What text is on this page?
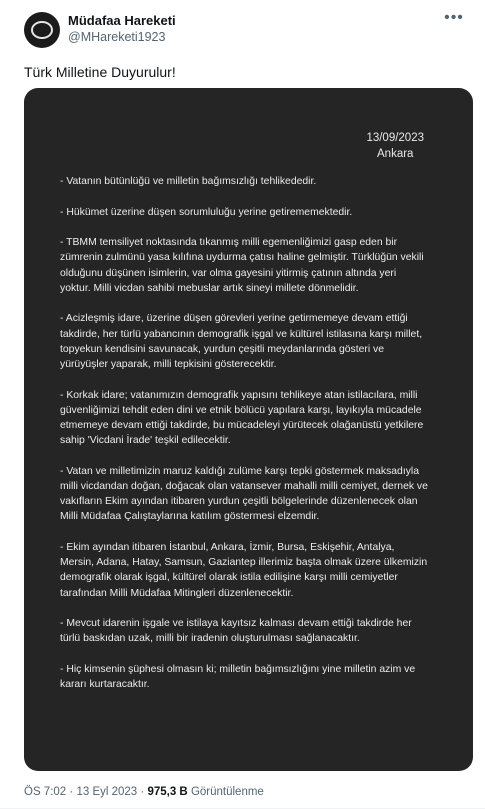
Müdafaa Hareketi
@MHareketi1923
•••
Türk Milletine Duyurulur!
13/09/2023
Ankara

- Vatanın bütünlüğü ve milletin bağımsızlığı tehlikededir.

- Hükümet üzerine düşen sorumluluğu yerine getirememektedir.

- TBMM temsiliyet noktasında tıkanmış milli egemenliğimizi gasp eden bir zümrenin zulmünü yasa kılıfına uydurma çatısı haline gelmiştir. Türklüğün vekili olduğunu düşünen isimlerin, var olma gayesini yitirmiş çatının altında yeri yoktur. Milli vicdan sahibi mebuslar artık sineyi millete dönmelidir.

- Acizleşmiş idare, üzerine düşen görevleri yerine getirmemeye devam ettiği takdirde, her türlü yabancının demografik işgal ve kültürel istilasına karşı millet, topyekun kendisini savunacak, yurdun çeşitli meydanlarında gösteri ve yürüyüşler yaparak, milli tepkisini gösterecektir.

- Korkak idare; vatanımızın demografik yapısını tehlikeye atan istilacılara, milli güvenliğimizi tehdit eden dini ve etnik bölücü yapılara karşı, layıkıyla mücadele etmemeye devam ettiği takdirde, bu mücadeleyi yürütecek olağanüstü yetkilere sahip 'Vicdani İrade' teşkil edilecektir.

- Vatan ve milletimizin maruz kaldığı zulüme karşı tepki göstermek maksadıyla milli vicdandan doğan, doğacak olan vatansever mahalli milli cemiyet, dernek ve vakıfların Ekim ayından itibaren yurdun çeşitli bölgelerinde düzenlenecek olan Milli Müdafaa Çalıştaylarına katılım göstermesi elzemdir.

- Ekim ayından itibaren İstanbul, Ankara, İzmir, Bursa, Eskişehir, Antalya, Mersin, Adana, Hatay, Samsun, Gaziantep illerimiz başta olmak üzere ülkemizin demografik olarak işgal, kültürel olarak istila edilişine karşı milli cemiyetler tarafından Milli Müdafaa Mitingleri düzenlenecektir.

- Mevcut idarenin işgale ve istilaya kayıtsız kalması devam ettiği takdirde her türlü baskıdan uzak, milli bir iradenin oluşturulması sağlanacaktır.

- Hiç kimsenin şüphesi olmasın ki; milletin bağımsızlığını yine milletin azim ve kararı kurtaracaktır.

ÖS 7:02 · 13 Eyl 2023 · 975,3 B Görüntülenme
